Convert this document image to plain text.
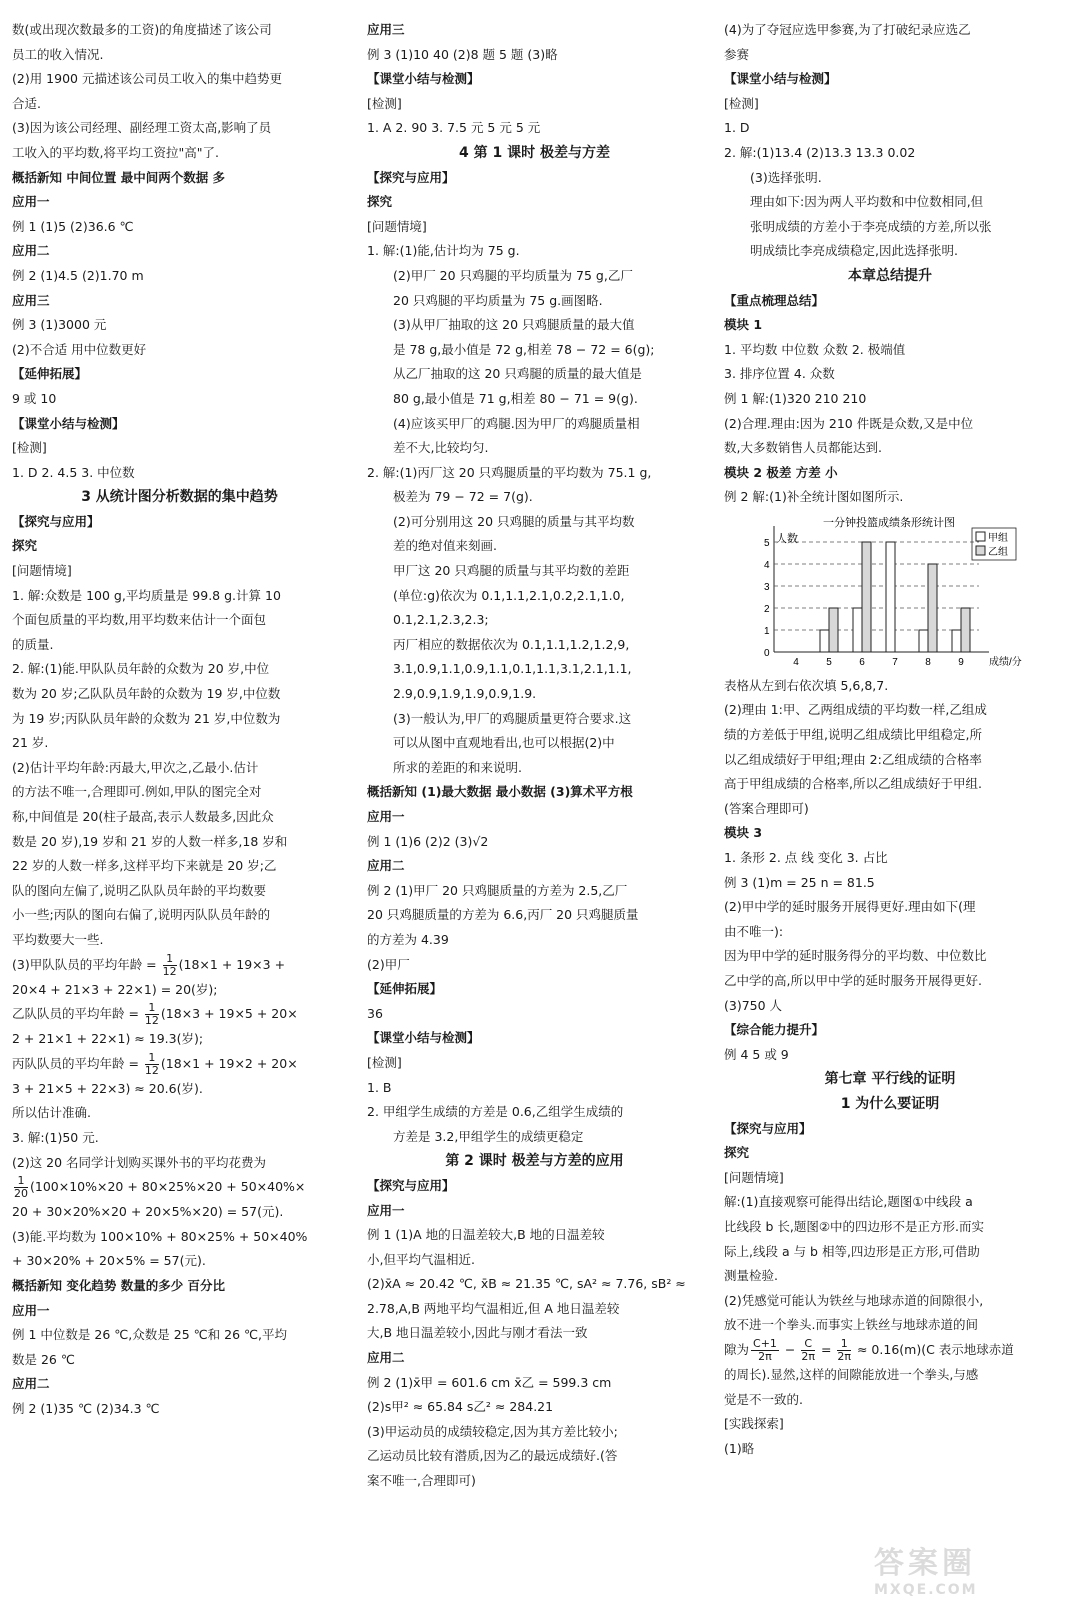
数(或出现次数最多的工资)的角度描述了该公司
员工的收入情况.
(2)用 1900 元描述该公司员工收入的集中趋势更
合适.
(3)因为该公司经理、副经理工资太高,影响了员
工收入的平均数,将平均工资拉"高"了.
概括新知 中间位置 最中间两个数据 多
应用一
例 1 (1)5 (2)36.6 ℃
应用二
例 2 (1)4.5 (2)1.70 m
应用三
例 3 (1)3000 元
(2)不合适 用中位数更好
【延伸拓展】
9 或 10
【课堂小结与检测】
[检测]
1. D 2. 4.5 3. 中位数
3 从统计图分析数据的集中趋势
【探究与应用】
探究
[问题情境]
1. 解:众数是 100 g,平均质量是 99.8 g.计算 10
个面包质量的平均数,用平均数来估计一个面包
的质量.
2. 解:(1)能.甲队队员年龄的众数为 20 岁,中位
数为 20 岁;乙队队员年龄的众数为 19 岁,中位数
为 19 岁;丙队队员年龄的众数为 21 岁,中位数为
21 岁.
(2)估计平均年龄:丙最大,甲次之,乙最小.估计
的方法不唯一,合理即可.例如,甲队的图完全对
称,中间值是 20(柱子最高,表示人数最多,因此众
数是 20 岁),19 岁和 21 岁的人数一样多,18 岁和
22 岁的人数一样多,这样平均下来就是 20 岁;乙
队的图向左偏了,说明乙队队员年龄的平均数要
小一些;丙队的图向右偏了,说明丙队队员年龄的
平均数要大一些.
(3)甲队队员的平均年龄 = $\frac{1}{12} (18\times 1 + 19\times 3$ +
20×4 + 21×3 + 22×1) = 20(岁);
乙队队员的平均年龄 = $\frac{1}{12} (18\times 3 + 19\times 5 + 20\times$
2 + 21×1 + 22×1) ≈ 19.3(岁);
丙队队员的平均年龄 = $\frac{1}{12} (18\times 1 + 19\times 2 + 20\times$
3 + 21×5 + 22×3) ≈ 20.6(岁).
所以估计准确.
3. 解:(1)50 元.
(2)这 20 名同学计划购买课外书的平均花费为
$\frac{1}{20} (100\times 10\%\times 20 + 80\times 25\%\times 20 + 50\times 40\%\times$
20 + 30×20%×20 + 20×5%×20) = 57(元).
(3)能.平均数为 100×10% + 80×25% + 50×40%
+ 30×20% + 20×5% = 57(元).
概括新知 变化趋势 数量的多少 百分比
应用一
例 1 中位数是 26 ℃,众数是 25 ℃和 26 ℃,平均
数是 26 ℃
应用二
例 2 (1)35 ℃ (2)34.3 ℃
应用三
例 3 (1)10 40 (2)8 题 5 题 (3)略
【课堂小结与检测】
[检测]
1. A 2. 90 3. 7.5 元 5 元 5 元
4 第 1 课时 极差与方差
【探究与应用】
探究
[问题情境]
1. 解:(1)能,估计均为 75 g.
(2)甲厂 20 只鸡腿的平均质量为 75 g,乙厂
20 只鸡腿的平均质量为 75 g.画图略.
(3)从甲厂抽取的这 20 只鸡腿质量的最大值
是 78 g,最小值是 72 g,相差 78 − 72 = 6(g);
从乙厂抽取的这 20 只鸡腿的质量的最大值是
80 g,最小值是 71 g,相差 80 − 71 = 9(g).
(4)应该买甲厂的鸡腿.因为甲厂的鸡腿质量相
差不大,比较均匀.
2. 解:(1)丙厂这 20 只鸡腿质量的平均数为 75.1 g,
极差为 79 − 72 = 7(g).
(2)可分别用这 20 只鸡腿的质量与其平均数
差的绝对值来刻画.
甲厂这 20 只鸡腿的质量与其平均数的差距
(单位:g)依次为 0.1,1.1,2.1,0.2,2.1,1.0,
0.1,2.1,2.3,2.3;
丙厂相应的数据依次为 0.1,1.1,1.2,1.2,9,
3.1,0.9,1.1,0.9,1.1,0.1,1.1,3.1,2.1,1.1,
2.9,0.9,1.9,1.9,0.9,1.9.
(3)一般认为,甲厂的鸡腿质量更符合要求.这
可以从图中直观地看出,也可以根据(2)中
所求的差距的和来说明.
概括新知 (1)最大数据 最小数据 (3)算术平方根
应用一
例 1 (1)6 (2)2 (3)√2
应用二
例 2 (1)甲厂 20 只鸡腿质量的方差为 2.5,乙厂
20 只鸡腿质量的方差为 6.6,丙厂 20 只鸡腿质量
的方差为 4.39
(2)甲厂
【延伸拓展】
36
【课堂小结与检测】
[检测]
1. B
2. 甲组学生成绩的方差是 0.6,乙组学生成绩的
方差是 3.2,甲组学生的成绩更稳定
第 2 课时 极差与方差的应用
【探究与应用】
应用一
例 1 (1)A 地的日温差较大,B 地的日温差较
小,但平均气温相近.
(2)x̄A ≈ 20.42 ℃, x̄B ≈ 21.35 ℃, sA² ≈ 7.76, sB² ≈
2.78,A,B 两地平均气温相近,但 A 地日温差较
大,B 地日温差较小,因此与刚才看法一致
应用二
例 2 (1)x̄甲 = 601.6 cm x̄乙 = 599.3 cm
(2)s甲² ≈ 65.84 s乙² ≈ 284.21
(3)甲运动员的成绩较稳定,因为其方差比较小;
乙运动员比较有潜质,因为乙的最远成绩好.(答
案不唯一,合理即可)
(4)为了夺冠应选甲参赛,为了打破纪录应选乙
参赛
【课堂小结与检测】
[检测]
1. D
2. 解:(1)13.4 (2)13.3 13.3 0.02
(3)选择张明.
理由如下:因为两人平均数和中位数相同,但
张明成绩的方差小于李亮成绩的方差,所以张
明成绩比李亮成绩稳定,因此选择张明.
本章总结提升
【重点梳理总结】
模块 1
1. 平均数 中位数 众数 2. 极端值
3. 排序位置 4. 众数
例 1 解:(1)320 210 210
(2)合理.理由:因为 210 件既是众数,又是中位
数,大多数销售人员都能达到.
模块 2 极差 方差 小
例 2 解:(1)补全统计图如图所示.
一分钟投篮成绩条形统计图
人数
0
1
2
3
4
5
4	5	6	7	8	9	成绩/分
甲组
乙组
表格从左到右依次填 5,6,8,7.
(2)理由 1:甲、乙两组成绩的平均数一样,乙组成
绩的方差低于甲组,说明乙组成绩比甲组稳定,所
以乙组成绩好于甲组;理由 2:乙组成绩的合格率
高于甲组成绩的合格率,所以乙组成绩好于甲组.
(答案合理即可)
模块 3
1. 条形 2. 点 线 变化 3. 占比
例 3 (1)m = 25 n = 81.5
(2)甲中学的延时服务开展得更好.理由如下(理
由不唯一):
因为甲中学的延时服务得分的平均数、中位数比
乙中学的高,所以甲中学的延时服务开展得更好.
(3)750 人
【综合能力提升】
例 4 5 或 9
第七章 平行线的证明
1 为什么要证明
【探究与应用】
探究
[问题情境]
解:(1)直接观察可能得出结论,题图①中线段 a
比线段 b 长,题图②中的四边形不是正方形.而实
际上,线段 a 与 b 相等,四边形是正方形,可借助
测量检验.
(2)凭感觉可能认为铁丝与地球赤道的间隙很小,
放不进一个拳头.而事实上铁丝与地球赤道的间
隙为 $\frac{C+1}{2\pi} - \frac{C}{2\pi} = \frac{1}{2\pi} \approx 0.16(m)(C$ 表示地球赤道
的周长).显然,这样的间隙能放进一个拳头,与感
觉是不一致的.
[实践探索]
(1)略
答案圈
MXQE.COM
